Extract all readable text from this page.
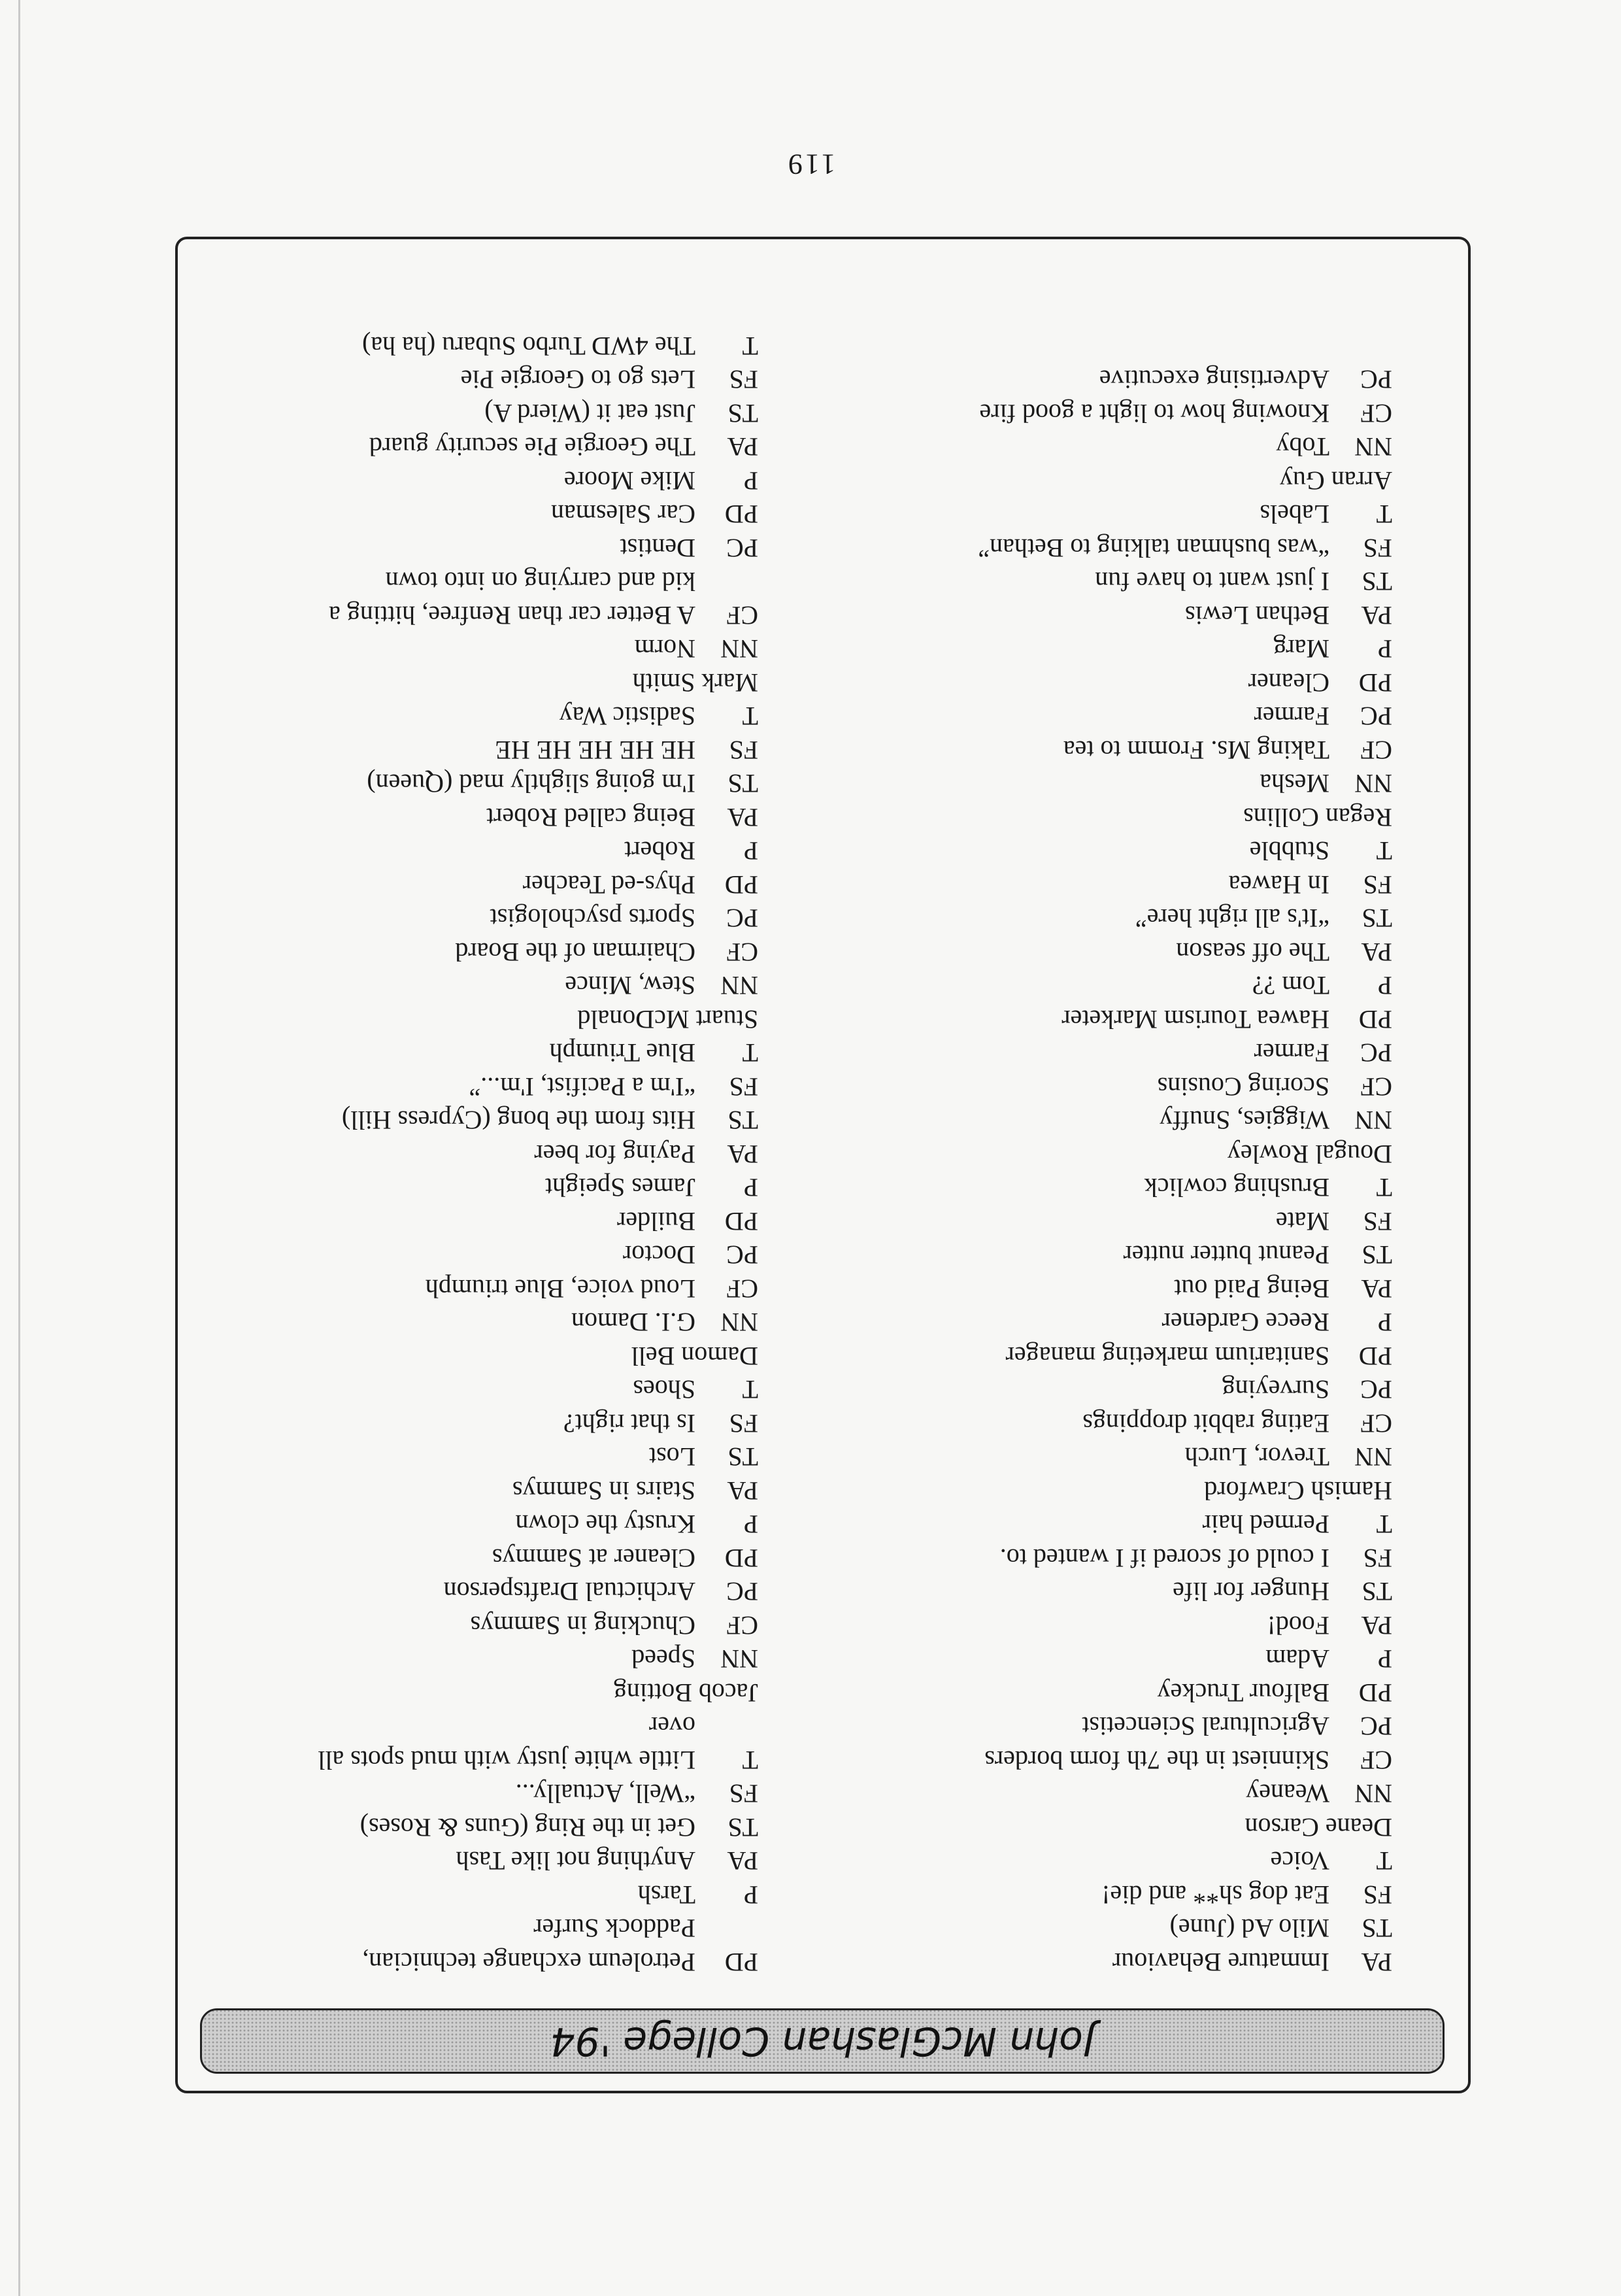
John McGlashan College '94
PA
Immature Behaviour
TS
Milo Ad (June)
FS
Eat dog sh** and die!
T
Voice
Deane Carson
NN
Weaney
CF
Skinniest in the 7th form borders
PC
Agricultural Sciencetist
PD
Balfour Truckey
P
Adam
PA
Food!
TS
Hunger for life
FS
I could of scored if I wanted to.
T
Permed hair
Hamish Crawford
NN
Trevor, Lurch
CF
Eating rabbit droppings
PC
Surveying
PD
Sanitarium marketing manager
P
Reece Gardener
PA
Being Paid out
TS
Peanut butter nutter
FS
Mate
T
Brushing cowlick
Dougal Rowley
NN
Wiggies, Snuffy
CF
Scoring Cousins
PC
Farmer
PD
Hawea Tourism Marketer
P
Tom ??
PA
The off season
TS
“It's all right here”
FS
In Hawea
T
Stubble
Regan Collins
NN
Mesha
CF
Taking Ms. Fromm to tea
PC
Farmer
PD
Cleaner
P
Marg
PA
Bethan Lewis
TS
I just want to have fun
FS
“was bushman talking to Bethan”
T
Labels
Arran Guy
NN
Toby
CF
Knowing how to light a good fire
PC
Advertising executive
PD
Petroleum exchange technician,
Paddock Surfer
P
Tarsh
PA
Anything not like Tash
TS
Get in the Ring (Guns & Roses)
FS
“Well, Actually...
T
Little white justy with mud spots all
over
Jacob Botting
NN
Speed
CF
Chucking in Sammys
PC
Archictual Draftsperson
PD
Cleaner at Sammys
P
Krusty the clown
PA
Stairs in Sammys
TS
Lost
FS
Is that right?
T
Shoes
Damon Bell
NN
G.I. Damon
CF
Loud voice, Blue triumph
PC
Doctor
PD
Builder
P
James Speight
PA
Paying for beer
TS
Hits from the bong (Cypress Hill)
FS
“I'm a Pacifist, I'm...”
T
Blue Triumph
Stuart McDonald
NN
Stew, Mince
CF
Chairman of the Board
PC
Sports psychologist
PD
Phys-ed Teacher
P
Robert
PA
Being called Robert
TS
I'm going slightly mad (Queen)
FS
HE HE HE HE HE
T
Sadistic Way
Mark Smith
NN
Norm
CF
A Better car than Renfree, hitting a
kid and carrying on into town
PC
Dentist
PD
Car Salesman
P
Mike Moore
PA
The Georgie Pie security guard
TS
Just eat it (Wierd A)
FS
Lets go to Georgie Pie
T
The 4WD Turbo Subaru (ha ha)
119
